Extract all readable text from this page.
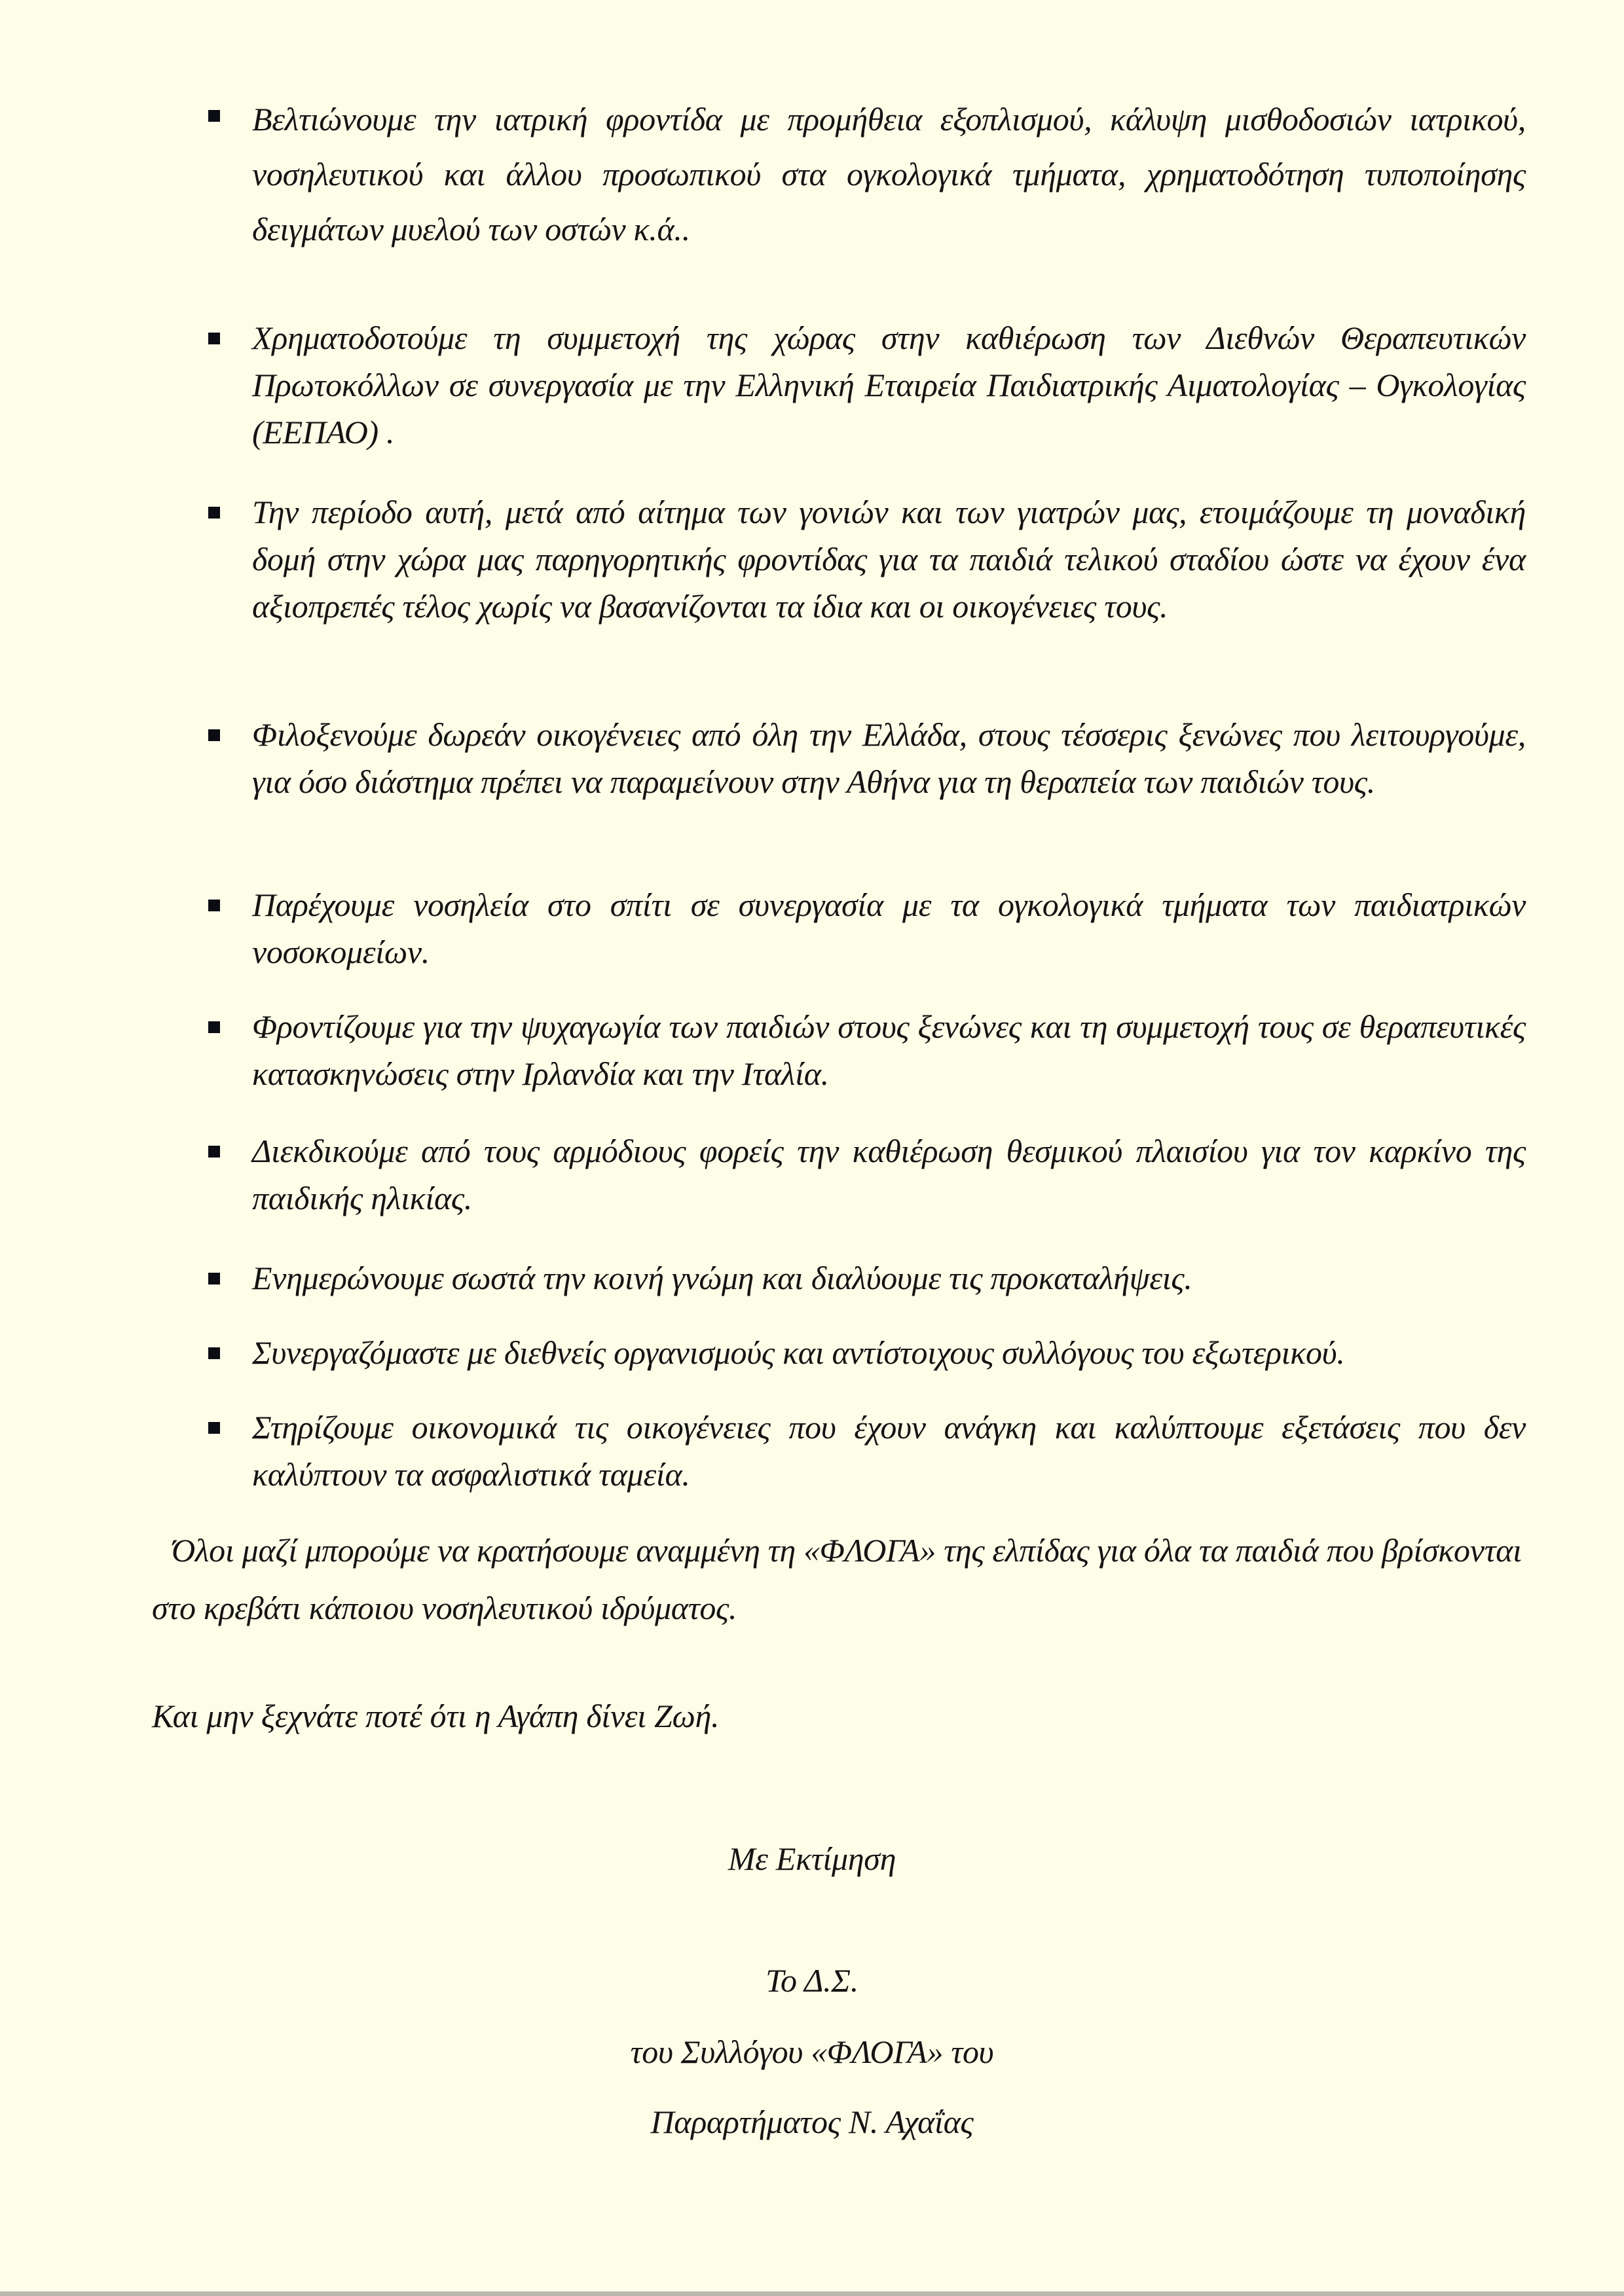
Βελτιώνουμε την ιατρική φροντίδα με προμήθεια εξοπλισμού, κάλυψη μισθοδοσιών ιατρικού, νοσηλευτικού και άλλου προσωπικού στα ογκολογικά τμήματα, χρηματοδότηση τυποποίησης δειγμάτων μυελού των οστών κ.ά..
Χρηματοδοτούμε τη συμμετοχή της χώρας στην καθιέρωση των Διεθνών Θεραπευτικών Πρωτοκόλλων σε συνεργασία με την Ελληνική Εταιρεία Παιδιατρικής Αιματολογίας – Ογκολογίας (ΕΕΠΑΟ) .
Την περίοδο αυτή, μετά από αίτημα των γονιών και των γιατρών μας, ετοιμάζουμε τη μοναδική δομή στην χώρα μας παρηγορητικής φροντίδας για τα παιδιά τελικού σταδίου ώστε να έχουν ένα αξιοπρεπές τέλος χωρίς να βασανίζονται τα ίδια και οι οικογένειες τους.
Φιλοξενούμε δωρεάν οικογένειες από όλη την Ελλάδα, στους τέσσερις ξενώνες που λειτουργούμε, για όσο διάστημα πρέπει να παραμείνουν στην Αθήνα για τη θεραπεία των παιδιών τους.
Παρέχουμε νοσηλεία στο σπίτι σε συνεργασία με τα ογκολογικά τμήματα των παιδιατρικών νοσοκομείων.
Φροντίζουμε για την ψυχαγωγία των παιδιών στους ξενώνες και τη συμμετοχή τους σε θεραπευτικές κατασκηνώσεις στην Ιρλανδία και την Ιταλία.
Διεκδικούμε από τους αρμόδιους φορείς την καθιέρωση θεσμικού πλαισίου για τον καρκίνο της παιδικής ηλικίας.
Ενημερώνουμε σωστά την κοινή γνώμη και διαλύουμε τις προκαταλήψεις.
Συνεργαζόμαστε με διεθνείς οργανισμούς και αντίστοιχους συλλόγους του εξωτερικού.
Στηρίζουμε οικονομικά τις οικογένειες που έχουν ανάγκη και καλύπτουμε εξετάσεις που δεν καλύπτουν τα ασφαλιστικά ταμεία.
Όλοι μαζί μπορούμε να κρατήσουμε αναμμένη τη «ΦΛΟΓΑ» της ελπίδας για όλα τα παιδιά που βρίσκονται στο κρεβάτι κάποιου νοσηλευτικού ιδρύματος.
Και μην ξεχνάτε ποτέ ότι η Αγάπη δίνει Ζωή.
Με Εκτίμηση
Το Δ.Σ.
του Συλλόγου «ΦΛΟΓΑ» του
Παραρτήματος Ν. Αχαΐας
